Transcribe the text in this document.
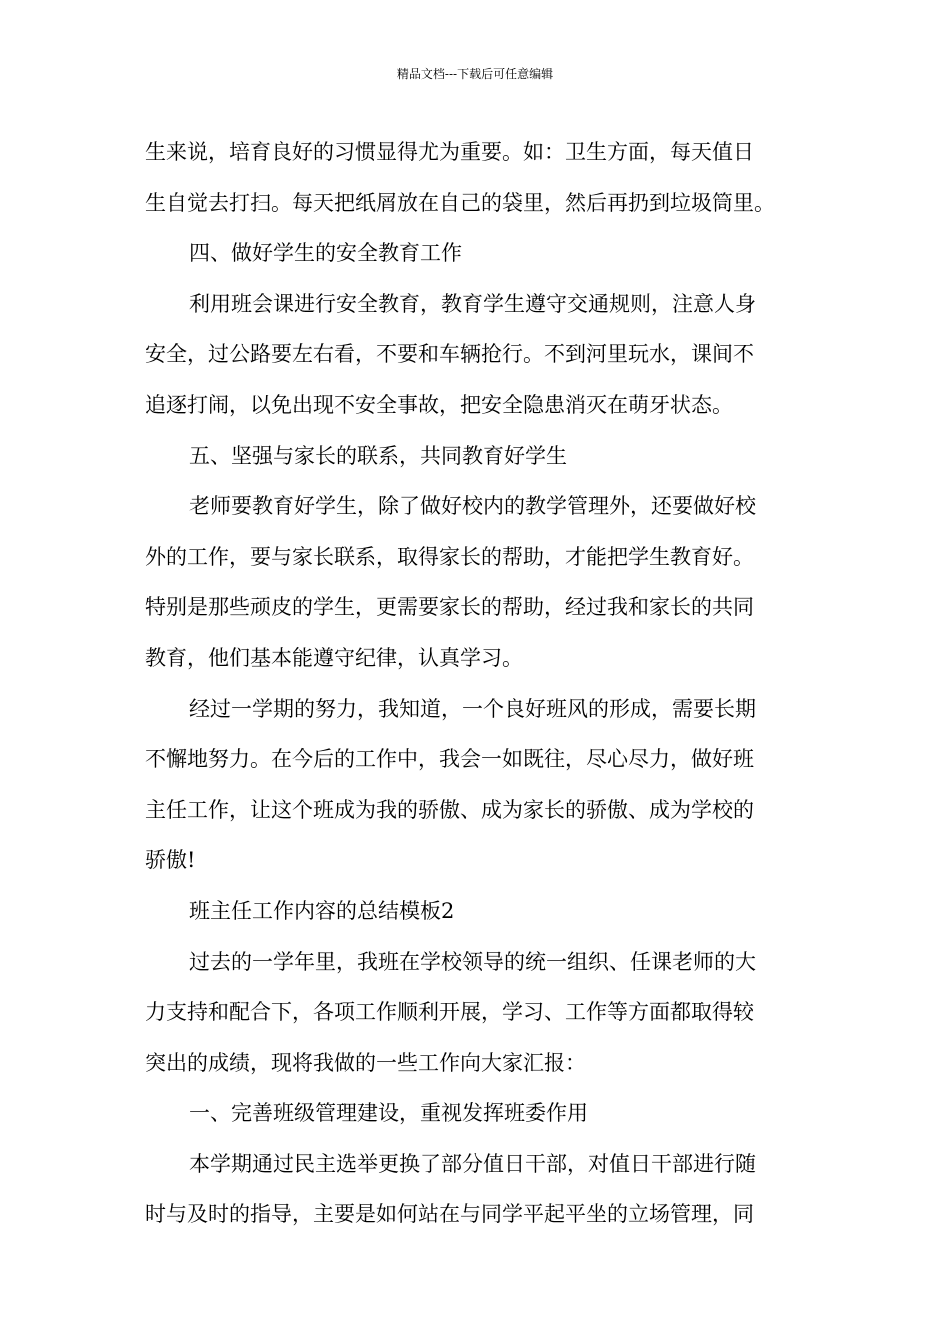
精品文档---下载后可任意编辑
生来说，培育良好的习惯显得尤为重要。如：卫生方面，每天值日
生自觉去打扫。每天把纸屑放在自己的袋里，然后再扔到垃圾筒里。
四、做好学生的安全教育工作
利用班会课进行安全教育，教育学生遵守交通规则，注意人身
安全，过公路要左右看，不要和车辆抢行。不到河里玩水，课间不
追逐打闹，以免出现不安全事故，把安全隐患消灭在萌牙状态。
五、坚强与家长的联系，共同教育好学生
老师要教育好学生，除了做好校内的教学管理外，还要做好校
外的工作，要与家长联系，取得家长的帮助，才能把学生教育好。
特别是那些顽皮的学生，更需要家长的帮助，经过我和家长的共同
教育，他们基本能遵守纪律，认真学习。
经过一学期的努力，我知道，一个良好班风的形成，需要长期
不懈地努力。在今后的工作中，我会一如既往，尽心尽力，做好班
主任工作，让这个班成为我的骄傲、成为家长的骄傲、成为学校的
骄傲!
班主任工作内容的总结模板2
过去的一学年里，我班在学校领导的统一组织、任课老师的大
力支持和配合下，各项工作顺利开展，学习、工作等方面都取得较
突出的成绩，现将我做的一些工作向大家汇报：
一、完善班级管理建设，重视发挥班委作用
本学期通过民主选举更换了部分值日干部，对值日干部进行随
时与及时的指导，主要是如何站在与同学平起平坐的立场管理，同
